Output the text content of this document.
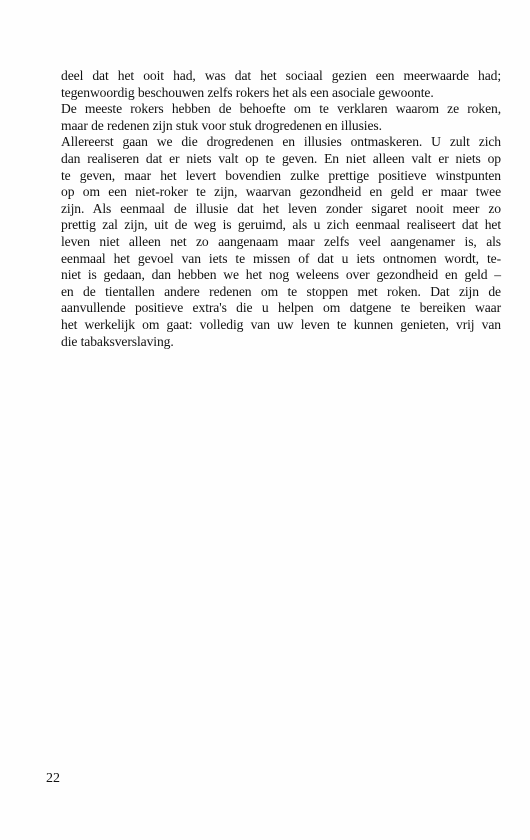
deel dat het ooit had, was dat het sociaal gezien een meerwaarde had;
tegenwoordig beschouwen zelfs rokers het als een asociale gewoonte.
De meeste rokers hebben de behoefte om te verklaren waarom ze roken,
maar de redenen zijn stuk voor stuk drogredenen en illusies.
Allereerst gaan we die drogredenen en illusies ontmaskeren. U zult zich
dan realiseren dat er niets valt op te geven. En niet alleen valt er niets op
te geven, maar het levert bovendien zulke prettige positieve winstpunten
op om een niet-roker te zijn, waarvan gezondheid en geld er maar twee
zijn. Als eenmaal de illusie dat het leven zonder sigaret nooit meer zo
prettig zal zijn, uit de weg is geruimd, als u zich eenmaal realiseert dat het
leven niet alleen net zo aangenaam maar zelfs veel aangenamer is, als
eenmaal het gevoel van iets te missen of dat u iets ontnomen wordt, te-
niet is gedaan, dan hebben we het nog weleens over gezondheid en geld –
en de tientallen andere redenen om te stoppen met roken. Dat zijn de
aanvullende positieve extra's die u helpen om datgene te bereiken waar
het werkelijk om gaat: volledig van uw leven te kunnen genieten, vrij van
die tabaksverslaving.
22
